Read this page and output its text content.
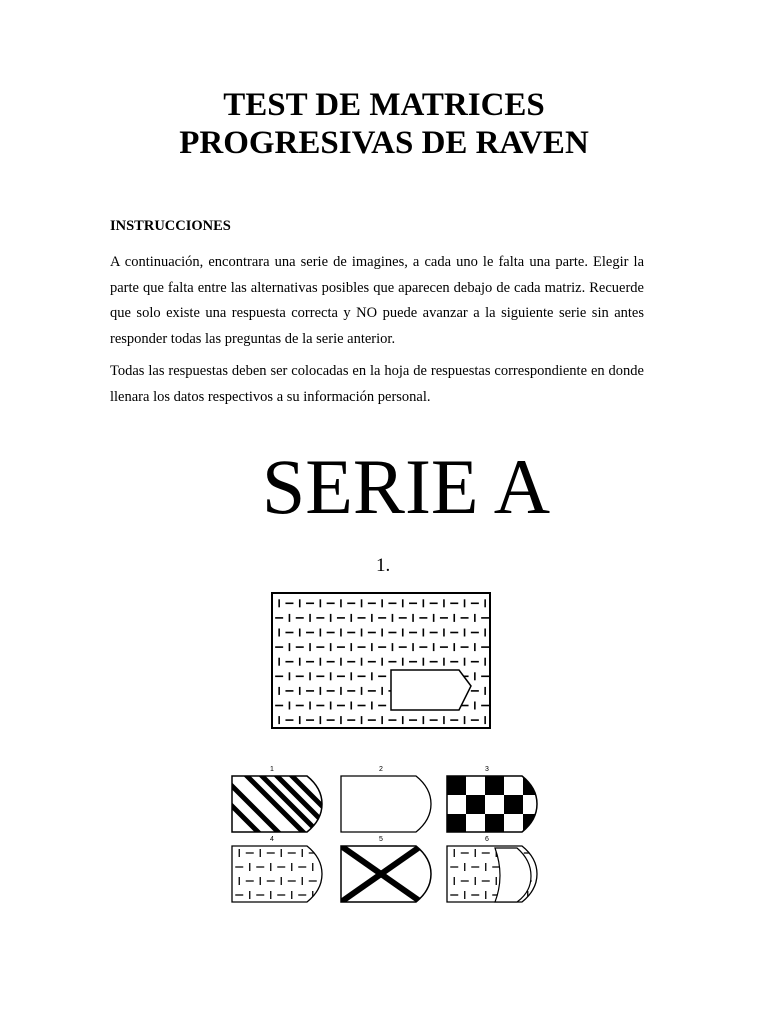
TEST DE MATRICES
PROGRESIVAS DE RAVEN
INSTRUCCIONES
A continuación, encontrara una serie de imagines, a cada uno le falta una parte. Elegir la parte que falta entre las alternativas posibles que aparecen debajo de cada matriz. Recuerde que solo existe una respuesta correcta y NO puede avanzar a la siguiente serie sin antes responder todas las preguntas de la serie anterior.
Todas las respuestas deben ser colocadas en la hoja de respuestas correspondiente en donde llenara los datos respectivos a su información personal.
SERIE A
1.
1	2	3
4	5	6
